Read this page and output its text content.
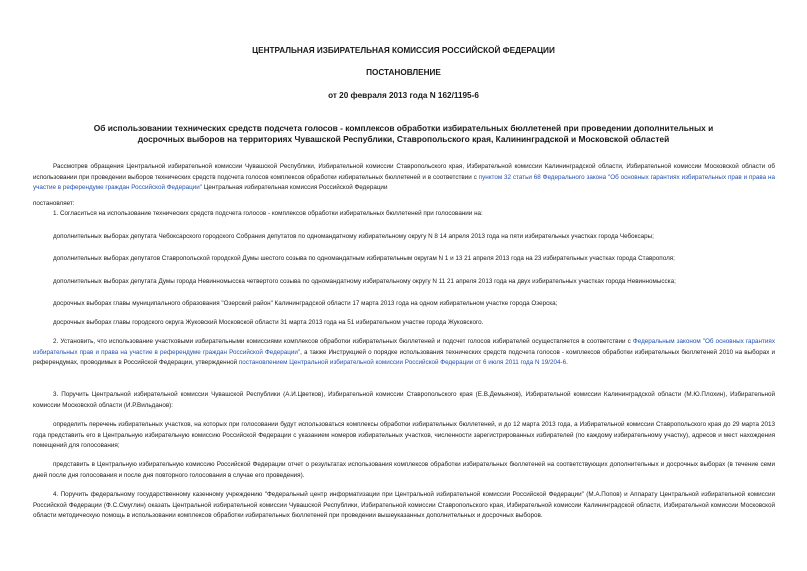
ЦЕНТРАЛЬНАЯ ИЗБИРАТЕЛЬНАЯ КОМИССИЯ РОССИЙСКОЙ ФЕДЕРАЦИИ
ПОСТАНОВЛЕНИЕ
от 20 февраля 2013 года N 162/1195-6
Об использовании технических средств подсчета голосов - комплексов обработки избирательных бюллетеней при проведении дополнительных и досрочных выборов на территориях Чувашской Республики, Ставропольского края, Калининградской и Московской областей
Рассмотрев обращения Центральной избирательной комиссии Чувашской Республики, Избирательной комиссии Ставропольского края, Избирательной комиссии Калининградской области, Избирательной комиссии Московской области об использовании при проведении выборов технических средств подсчета голосов комплексов обработки избирательных бюллетеней и в соответствии с пунктом 32 статьи 68 Федерального закона "Об основных гарантиях избирательных прав и права на участие в референдуме граждан Российской Федерации" Центральная избирательная комиссия Российской Федерации
постановляет:
1. Согласиться на использование технических средств подсчета голосов - комплексов обработки избирательных бюллетеней при голосовании на:
дополнительных выборах депутата Чебоксарского городского Собрания депутатов по одномандатному избирательному округу N 8 14 апреля 2013 года на пяти избирательных участках города Чебоксары;
дополнительных выборах депутатов Ставропольской городской Думы шестого созыва по одномандатным избирательным округам N 1 и 13 21 апреля 2013 года на 23 избирательных участках города Ставрополя;
дополнительных выборах депутата Думы города Невинномысска четвертого созыва по одномандатному избирательному округу N 11 21 апреля 2013 года на двух избирательных участках города Невинномысска;
досрочных выборах главы муниципального образования "Озерский район" Калининградской области 17 марта 2013 года на одном избирательном участке города Озерска;
досрочных выборах главы городского округа Жуковский Московской области 31 марта 2013 года на 51 избирательном участке города Жуковского.
2. Установить, что использование участковыми избирательными комиссиями комплексов обработки избирательных бюллетеней и подсчет голосов избирателей осуществляется в соответствии с Федеральным законом "Об основных гарантиях избирательных прав и права на участие в референдуме граждан Российской Федерации", а также Инструкцией о порядке использования технических средств подсчета голосов - комплексов обработки избирательных бюллетеней 2010 на выборах и референдумах, проводимых в Российской Федерации, утвержденной постановлением Центральной избирательной комиссии Российской Федерации от 6 июля 2011 года N 19/204-6.
3. Поручить Центральной избирательной комиссии Чувашской Республики (А.И.Цветков), Избирательной комиссии Ставропольского края (Е.В.Демьянов), Избирательной комиссии Калининградской области (М.Ю.Плохин), Избирательной комиссии Московской области (И.Р.Вильданов):
определить перечень избирательных участков, на которых при голосовании будут использоваться комплексы обработки избирательных бюллетеней, и до 12 марта 2013 года, а Избирательной комиссии Ставропольского края до 29 марта 2013 года представить его в Центральную избирательную комиссию Российской Федерации с указанием номеров избирательных участков, численности зарегистрированных избирателей (по каждому избирательному участку), адресов и мест нахождения помещений для голосования;
представить в Центральную избирательную комиссию Российской Федерации отчет о результатах использования комплексов обработки избирательных бюллетеней на соответствующих дополнительных и досрочных выборах (в течение семи дней после дня голосования и после дня повторного голосования в случае его проведения).
4. Поручить федеральному государственному казенному учреждению "Федеральный центр информатизации при Центральной избирательной комиссии Российской Федерации" (М.А.Попов) и Аппарату Центральной избирательной комиссии Российской Федерации (Ф.С.Смуглин) оказать Центральной избирательной комиссии Чувашской Республики, Избирательной комиссии Ставропольского края, Избирательной комиссии Калининградской области, Избирательной комиссии Московской области методическую помощь в использовании комплексов обработки избирательных бюллетеней при проведении вышеуказанных дополнительных и досрочных выборов.
